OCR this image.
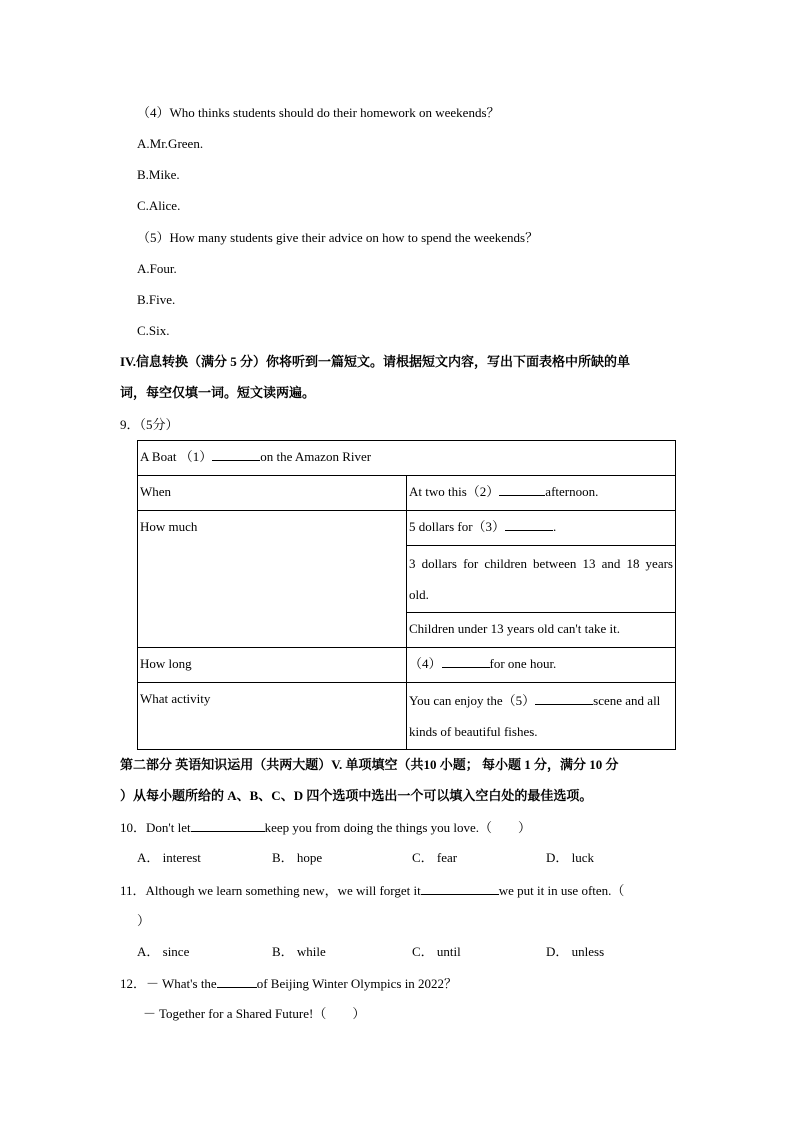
（4）Who thinks students should do their homework on weekends？
A.Mr.Green.
B.Mike.
C.Alice.
（5）How many students give their advice on how to spend the weekends？
A.Four.
B.Five.
C.Six.
IV.信息转换（满分 5 分）你将听到一篇短文。请根据短文内容，写出下面表格中所缺的单
词，每空仅填一词。短文读两遍。
9．（5分）
A Boat （1） on the Amazon River	
When	At two this（2） afternoon.
How much	5 dollars for（3） .

	3 dollars for children between 13 and 18 years
old.

	Children under 13 years old can't take it.
How long	（4） for one hour.
What activity	You can enjoy the（5） scene and all
kinds of beautiful fishes.
第二部分 英语知识运用（共两大题）V. 单项填空（共10 小题； 每小题 1 分，满分 10 分
）从每小题所给的 A、B、C、D 四个选项中选出一个可以填入空白处的最佳选项。
10．Don't let	keep you from doing the things you love.（　　）
A． interest	B． hope	C． fear	D． luck
11．Although we learn something new，we will forget it	we put it in use often.（
）
A． since	B． while	C． until	D． unless
12．－ What's the	of Beijing Winter Olympics in 2022？
－ Together for a Shared Future!（　　）
